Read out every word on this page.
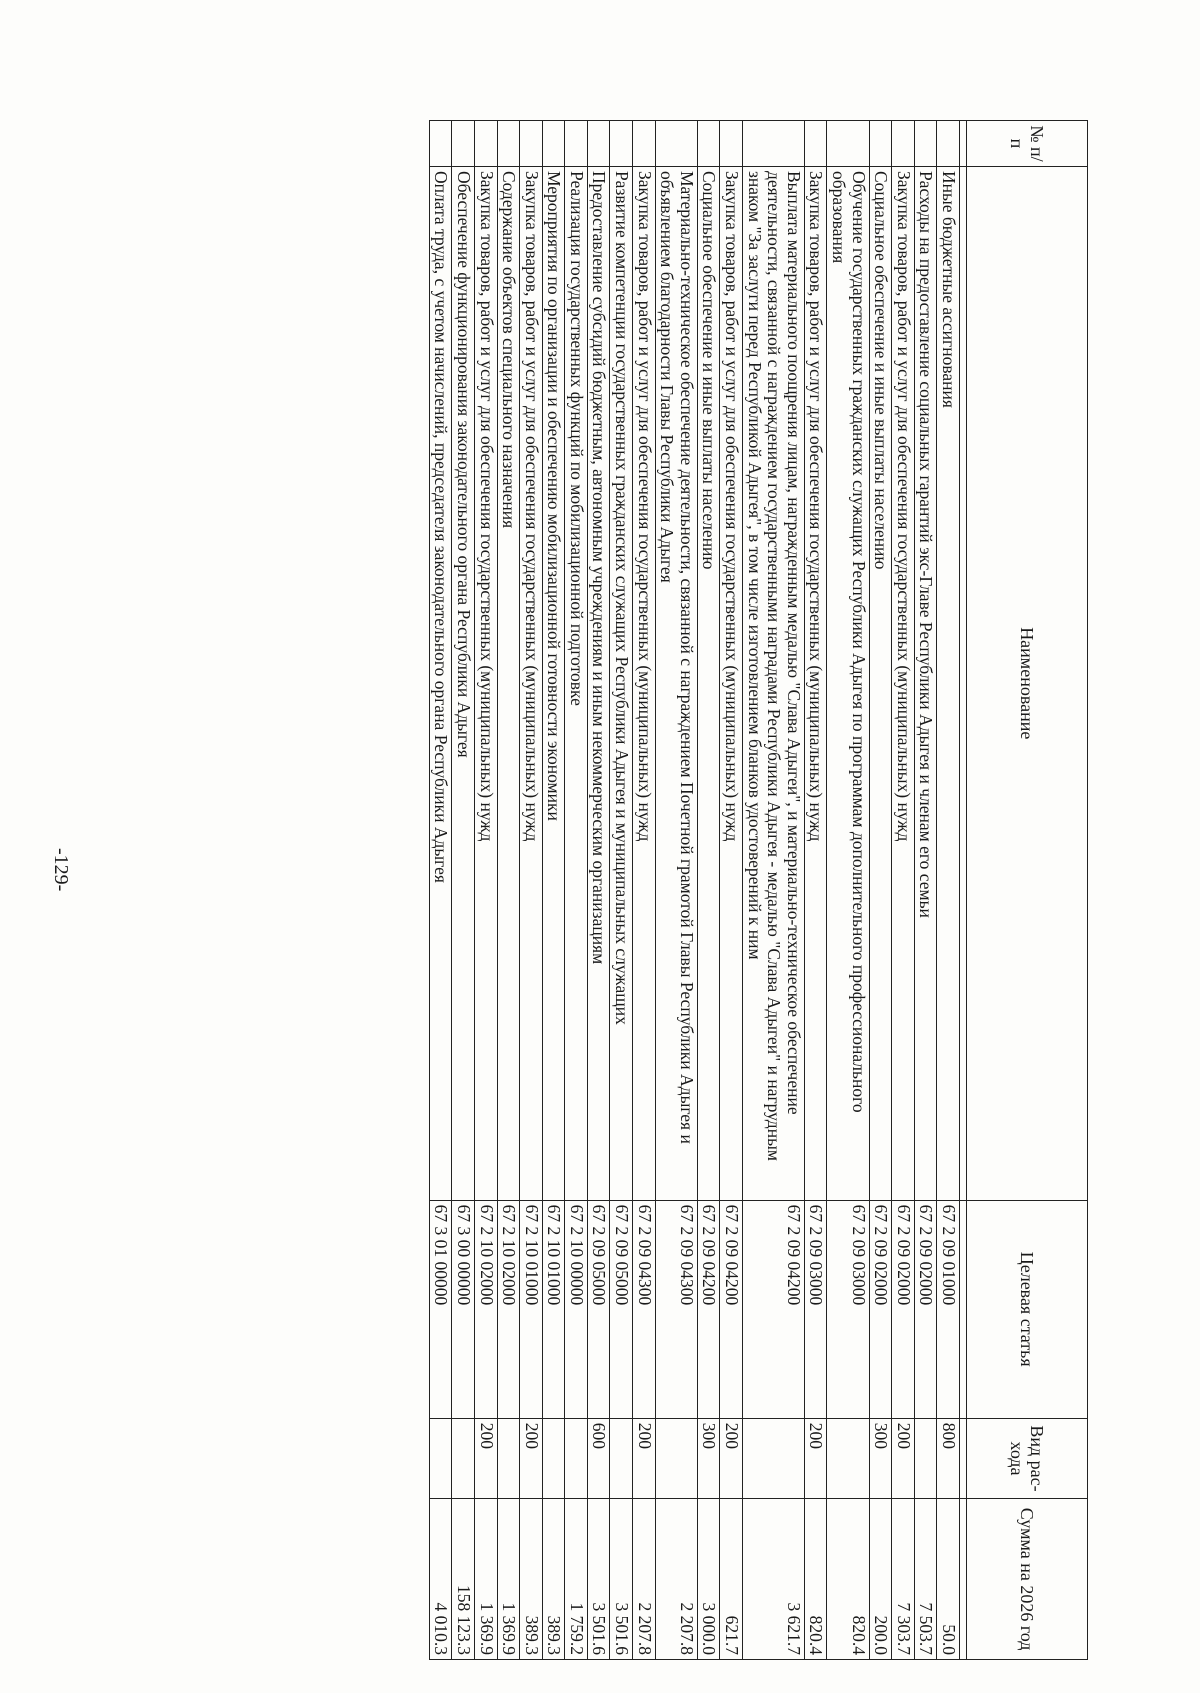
-129-
№ п/п	Наименование	Целевая статья	Вид рас-хода	Сумма на 2026 год

	Иные бюджетные ассигнования	67 2 09 01000	800	50.0
	Расходы на предоставление социальных гарантий экс-Главе Республики Адыгея и членам его семьи	67 2 09 02000		7 503.7
	Закупка товаров, работ и услуг для обеспечения государственных (муниципальных) нужд	67 2 09 02000	200	7 303.7
	Социальное обеспечение и иные выплаты населению	67 2 09 02000	300	200.0
	Обучение государственных гражданских служащих Республики Адыгея по программам дополнительного профессионального образования	67 2 09 03000		820.4
	Закупка товаров, работ и услуг для обеспечения государственных (муниципальных) нужд	67 2 09 03000	200	820.4
	Выплата материального поощрения лицам, награжденным медалью "Слава Адыгеи", и материально-техническое обеспечение деятельности, связанной с награждением государственными наградами Республики Адыгея - медалью "Слава Адыгеи" и нагрудным знаком "За заслуги перед Республикой Адыгея", в том числе изготовлением бланков удостоверений к ним	67 2 09 04200		3 621.7
	Закупка товаров, работ и услуг для обеспечения государственных (муниципальных) нужд	67 2 09 04200	200	621.7
	Социальное обеспечение и иные выплаты населению	67 2 09 04200	300	3 000.0
	Материально-техническое обеспечение деятельности, связанной с награждением Почетной грамотой Главы Республики Адыгея и объявлением благодарности Главы Республики Адыгея	67 2 09 04300		2 207.8
	Закупка товаров, работ и услуг для обеспечения государственных (муниципальных) нужд	67 2 09 04300	200	2 207.8
	Развитие компетенции государственных гражданских служащих Республики Адыгея и муниципальных служащих	67 2 09 05000		3 501.6
	Предоставление субсидий бюджетным, автономным учреждениям и иным некоммерческим организациям	67 2 09 05000	600	3 501.6
	Реализация государственных функций по мобилизационной подготовке	67 2 10 00000		1 759.2
	Мероприятия по организации и обеспечению мобилизационной готовности экономики	67 2 10 01000		389.3
	Закупка товаров, работ и услуг для обеспечения государственных (муниципальных) нужд	67 2 10 01000	200	389.3
	Содержание объектов специального назначения	67 2 10 02000		1 369.9
	Закупка товаров, работ и услуг для обеспечения государственных (муниципальных) нужд	67 2 10 02000	200	1 369.9
	Обеспечение функционирования законодательного органа Республики Адыгея	67 3 00 00000		158 123.3
	Оплата труда, с учетом начислений, председателя законодательного органа Республики Адыгея	67 3 01 00000		4 010.3
